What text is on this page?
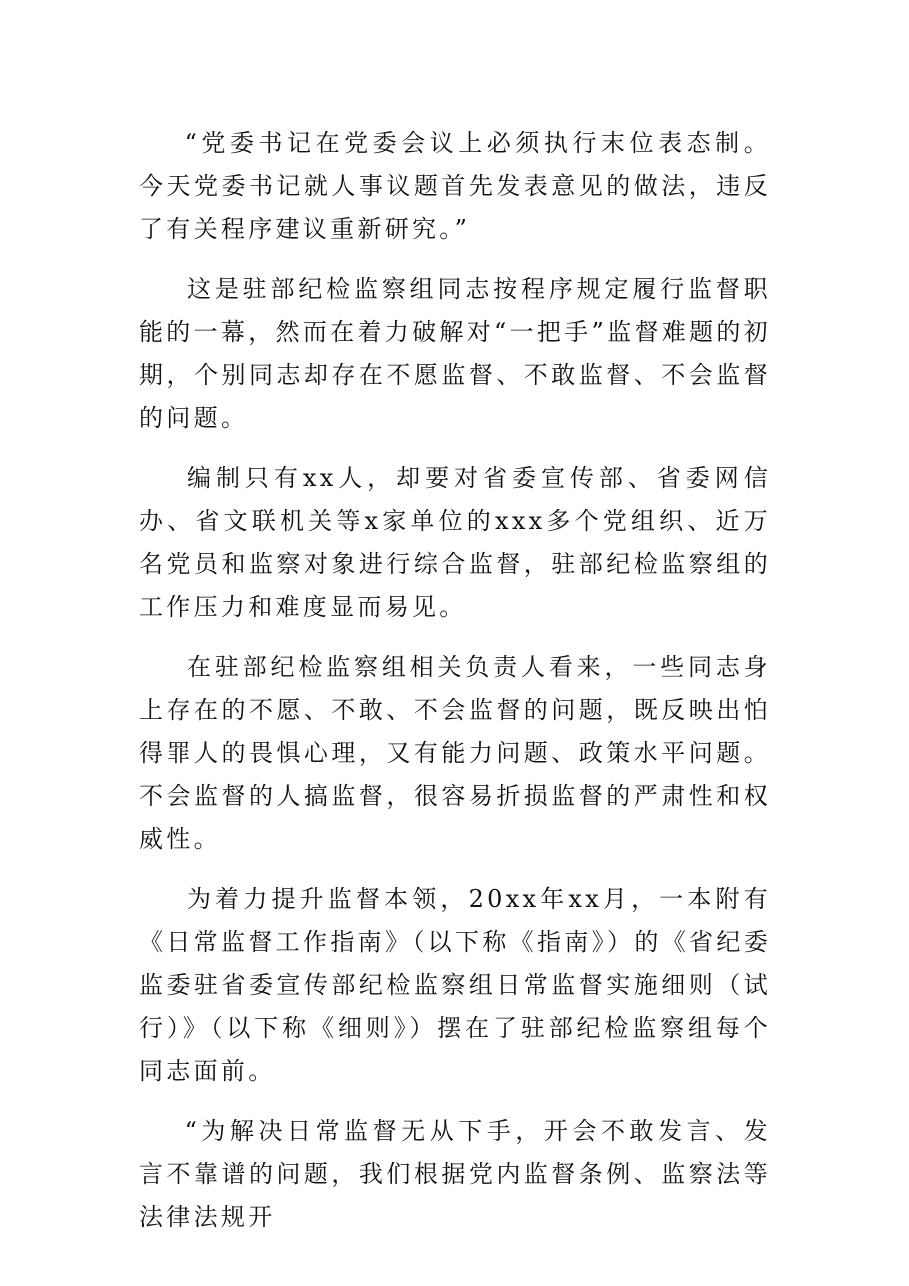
“党委书记在党委会议上必须执行末位表态制。今天党委书记就人事议题首先发表意见的做法，违反了有关程序建议重新研究。”

这是驻部纪检监察组同志按程序规定履行监督职能的一幕，然而在着力破解对“一把手”监督难题的初期，个别同志却存在不愿监督、不敢监督、不会监督的问题。

编制只有xx人，却要对省委宣传部、省委网信办、省文联机关等x家单位的xxx多个党组织、近万名党员和监察对象进行综合监督，驻部纪检监察组的工作压力和难度显而易见。

在驻部纪检监察组相关负责人看来，一些同志身上存在的不愿、不敢、不会监督的问题，既反映出怕得罪人的畏惧心理，又有能力问题、政策水平问题。不会监督的人搞监督，很容易折损监督的严肃性和权威性。

为着力提升监督本领，20xx年xx月，一本附有《日常监督工作指南》（以下称《指南》）的《省纪委监委驻省委宣传部纪检监察组日常监督实施细则（试行）》（以下称《细则》）摆在了驻部纪检监察组每个同志面前。

“为解决日常监督无从下手，开会不敢发言、发言不靠谱的问题，我们根据党内监督条例、监察法等法律法规开
